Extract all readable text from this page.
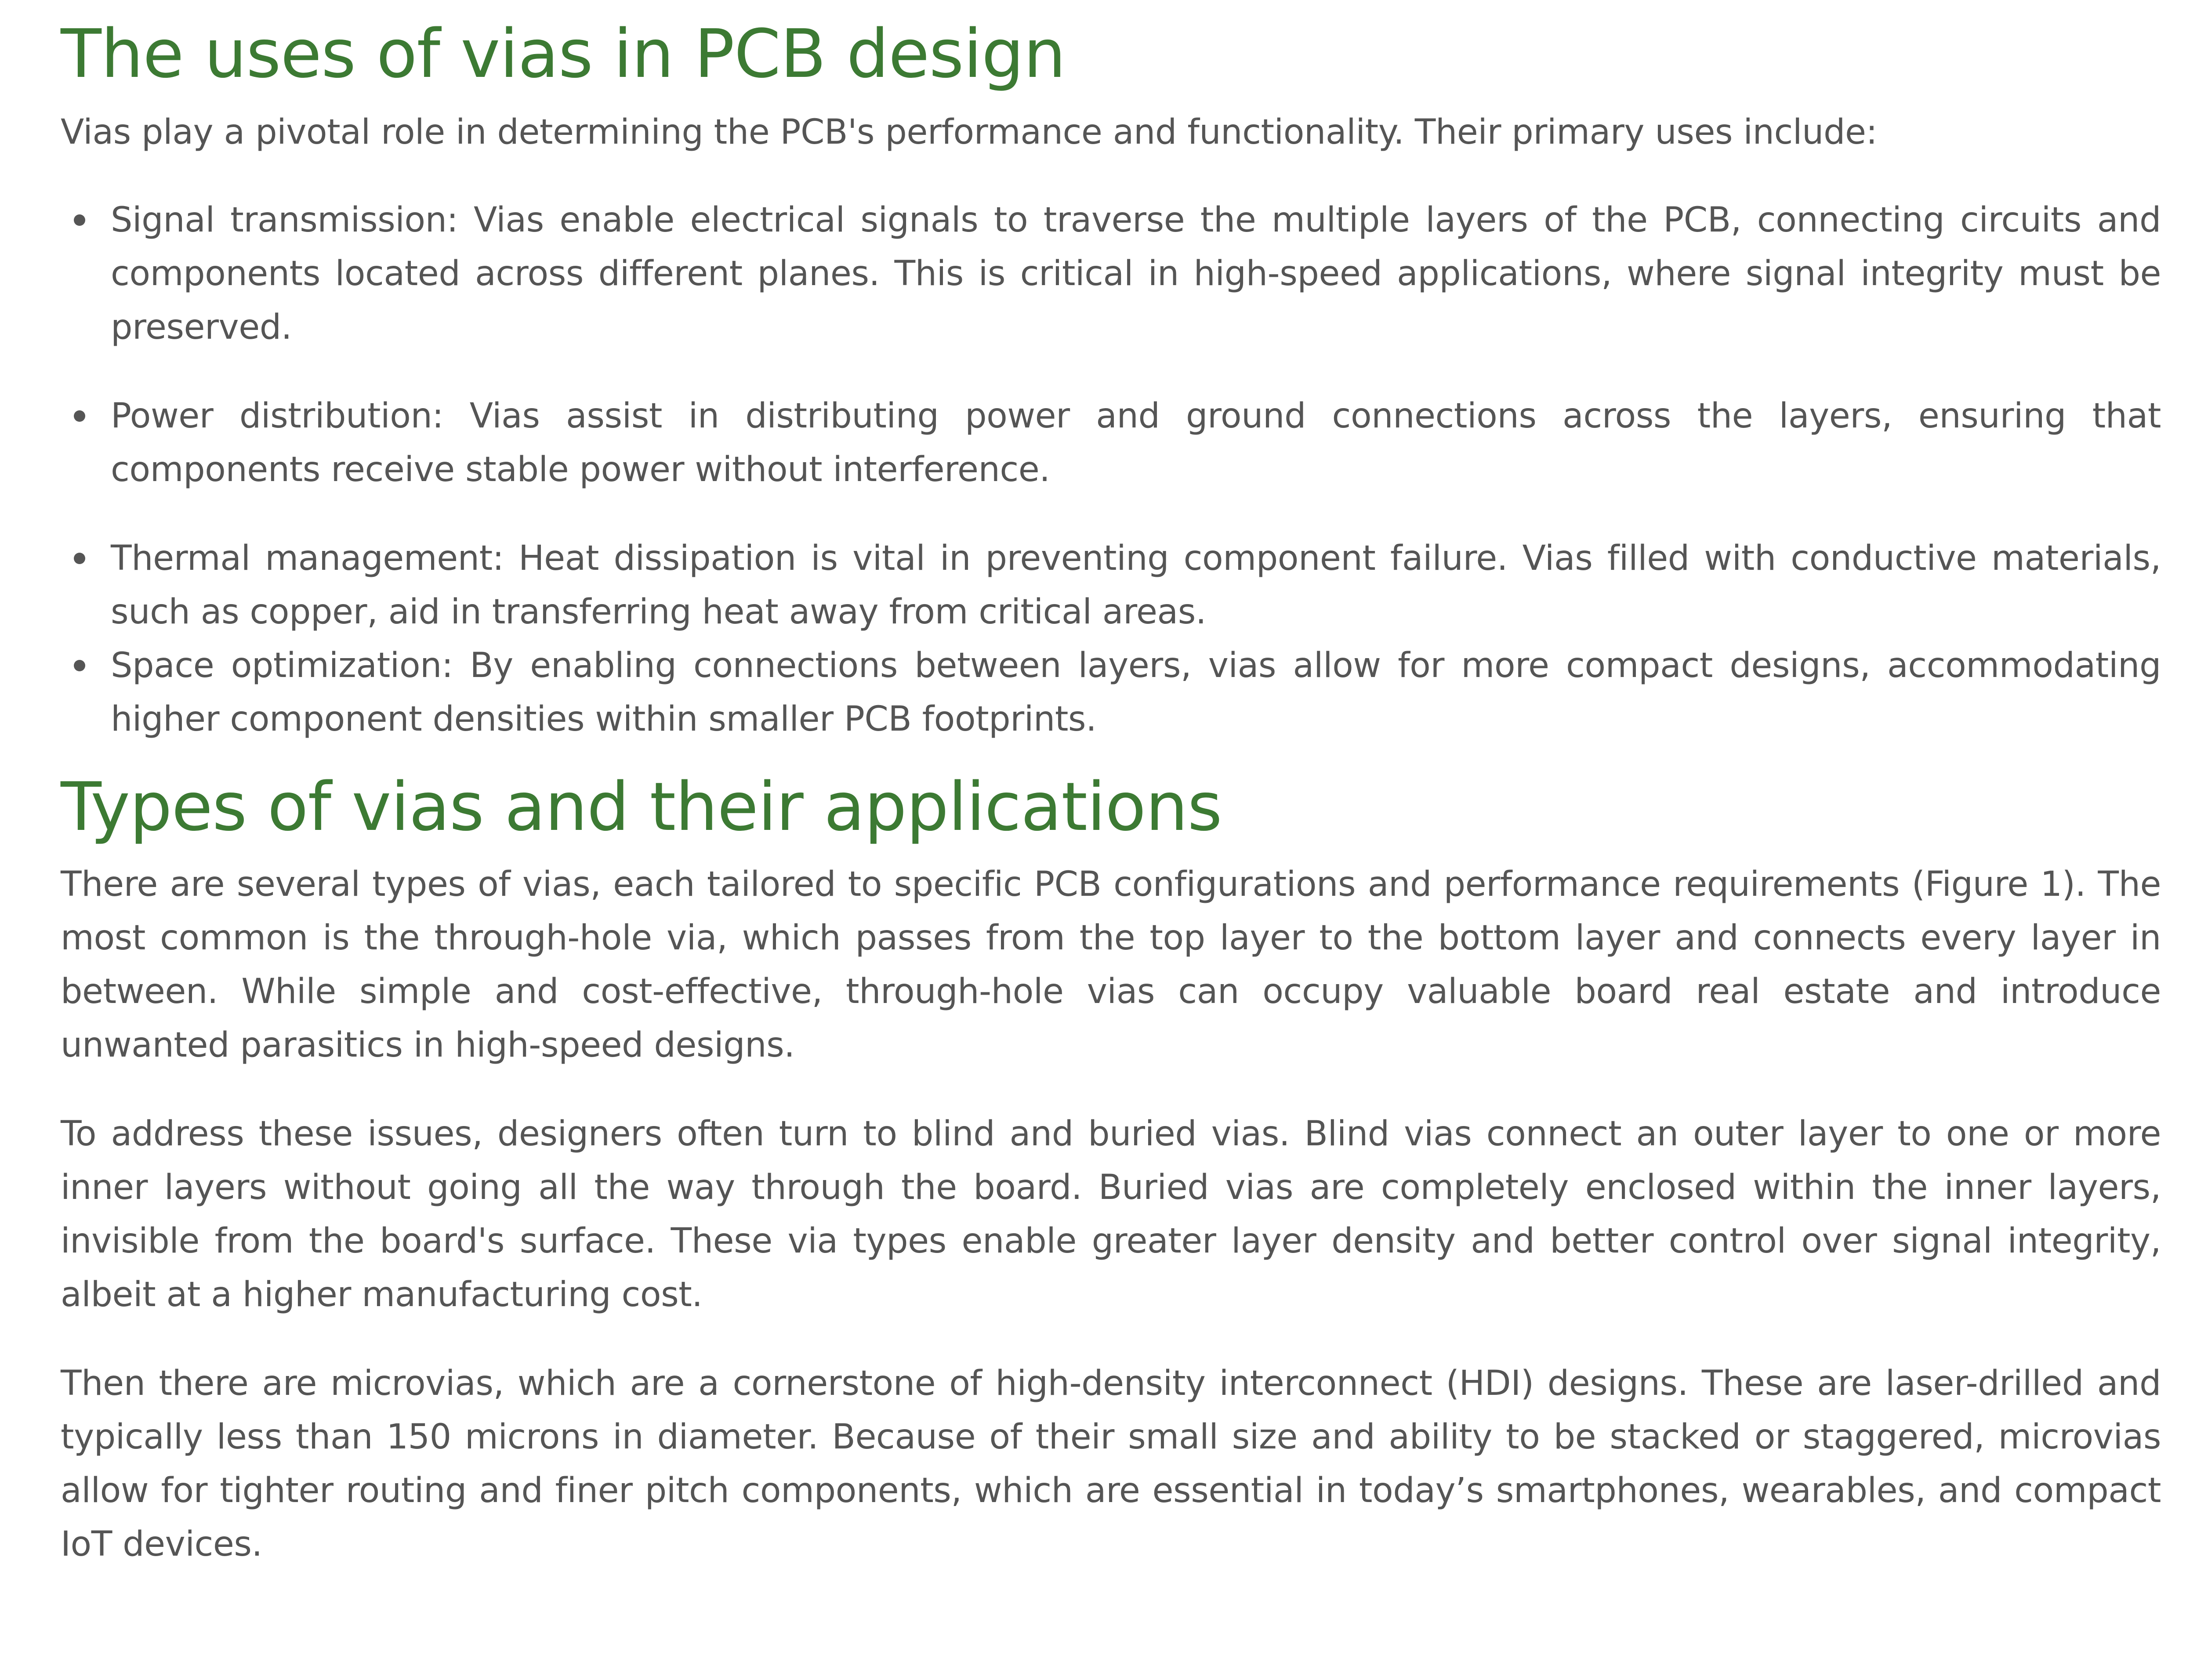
The uses of vias in PCB design

Vias play a pivotal role in determining the PCB's performance and functionality. Their primary uses include:

Signal transmission: Vias enable electrical signals to traverse the multiple layers of the PCB, connecting circuits and components located across different planes. This is critical in high-speed applications, where signal integrity must be preserved.
Power distribution: Vias assist in distributing power and ground connections across the layers, ensuring that components receive stable power without interference.
Thermal management: Heat dissipation is vital in preventing component failure. Vias filled with conductive materials, such as copper, aid in transferring heat away from critical areas.
Space optimization: By enabling connections between layers, vias allow for more compact designs, accommodating higher component densities within smaller PCB footprints.
Types of vias and their applications

There are several types of vias, each tailored to specific PCB configurations and performance requirements (Figure 1). The most common is the through-hole via, which passes from the top layer to the bottom layer and connects every layer in between. While simple and cost-effective, through-hole vias can occupy valuable board real estate and introduce unwanted parasitics in high-speed designs.

To address these issues, designers often turn to blind and buried vias. Blind vias connect an outer layer to one or more inner layers without going all the way through the board. Buried vias are completely enclosed within the inner layers, invisible from the board's surface. These via types enable greater layer density and better control over signal integrity, albeit at a higher manufacturing cost.

Then there are microvias, which are a cornerstone of high-density interconnect (HDI) designs. These are laser-drilled and typically less than 150 microns in diameter. Because of their small size and ability to be stacked or staggered, microvias allow for tighter routing and finer pitch components, which are essential in today’s smartphones, wearables, and compact IoT devices.
